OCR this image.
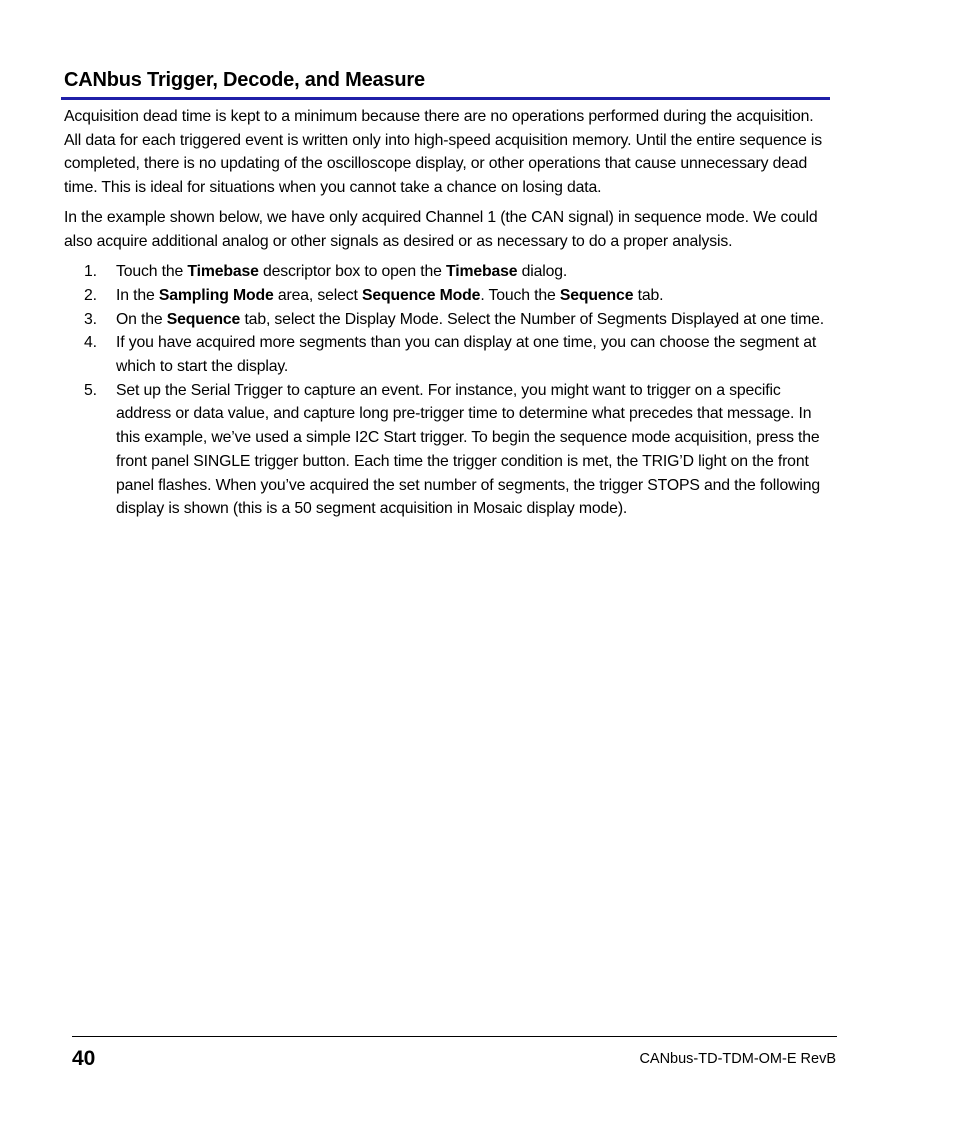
CANbus Trigger, Decode, and Measure

Acquisition dead time is kept to a minimum because there are no operations performed during the acquisition. All data for each triggered event is written only into high-speed acquisition memory. Until the entire sequence is completed, there is no updating of the oscilloscope display, or other operations that cause unnecessary dead time. This is ideal for situations when you cannot take a chance on losing data.

In the example shown below, we have only acquired Channel 1 (the CAN signal) in sequence mode. We could also acquire additional analog or other signals as desired or as necessary to do a proper analysis.

1.	Touch the Timebase descriptor box to open the Timebase dialog.
2.	In the Sampling Mode area, select Sequence Mode. Touch the Sequence tab.
3.	On the Sequence tab, select the Display Mode. Select the Number of Segments Displayed at one time.
4.	If you have acquired more segments than you can display at one time, you can choose the segment at which to start the display.
5.	Set up the Serial Trigger to capture an event. For instance, you might want to trigger on a specific address or data value, and capture long pre-trigger time to determine what precedes that message. In this example, we’ve used a simple I2C Start trigger. To begin the sequence mode acquisition, press the front panel SINGLE trigger button. Each time the trigger condition is met, the TRIG’D light on the front panel flashes. When you’ve acquired the set number of segments, the trigger STOPS and the following display is shown (this is a 50 segment acquisition in Mosaic display mode).
40	CANbus-TD-TDM-OM-E RevB
